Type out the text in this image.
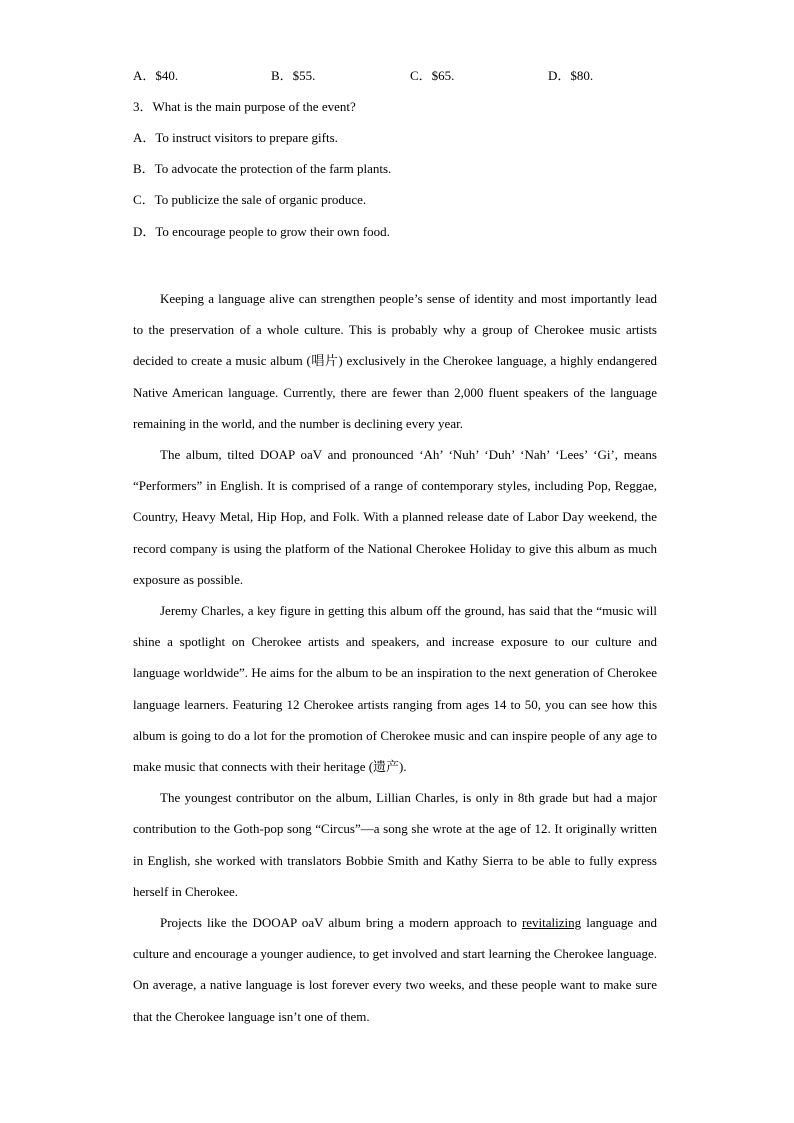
A．$40.	B．$55.	C．$65.	D．$80.
3．What is the main purpose of the event?
A．To instruct visitors to prepare gifts.
B．To advocate the protection of the farm plants.
C．To publicize the sale of organic produce.
D．To encourage people to grow their own food.

Keeping a language alive can strengthen people’s sense of identity and most importantly lead to the preservation of a whole culture. This is probably why a group of Cherokee music artists decided to create a music album (唱片) exclusively in the Cherokee language, a highly endangered Native American language. Currently, there are fewer than 2,000 fluent speakers of the language remaining in the world, and the number is declining every year.

The album, tilted DOAP oaV and pronounced ‘Ah’ ‘Nuh’ ‘Duh’ ‘Nah’ ‘Lees’ ‘Gi’, means “Performers” in English. It is comprised of a range of contemporary styles, including Pop, Reggae, Country, Heavy Metal, Hip Hop, and Folk. With a planned release date of Labor Day weekend, the record company is using the platform of the National Cherokee Holiday to give this album as much exposure as possible.

Jeremy Charles, a key figure in getting this album off the ground, has said that the “music will shine a spotlight on Cherokee artists and speakers, and increase exposure to our culture and language worldwide”. He aims for the album to be an inspiration to the next generation of Cherokee language learners. Featuring 12 Cherokee artists ranging from ages 14 to 50, you can see how this album is going to do a lot for the promotion of Cherokee music and can inspire people of any age to make music that connects with their heritage (遗产).

The youngest contributor on the album, Lillian Charles, is only in 8th grade but had a major contribution to the Goth-pop song “Circus”—a song she wrote at the age of 12. It originally written in English, she worked with translators Bobbie Smith and Kathy Sierra to be able to fully express herself in Cherokee.

Projects like the DOOAP oaV album bring a modern approach to revitalizing language and culture and encourage a younger audience, to get involved and start learning the Cherokee language. On average, a native language is lost forever every two weeks, and these people want to make sure that the Cherokee language isn’t one of them.
